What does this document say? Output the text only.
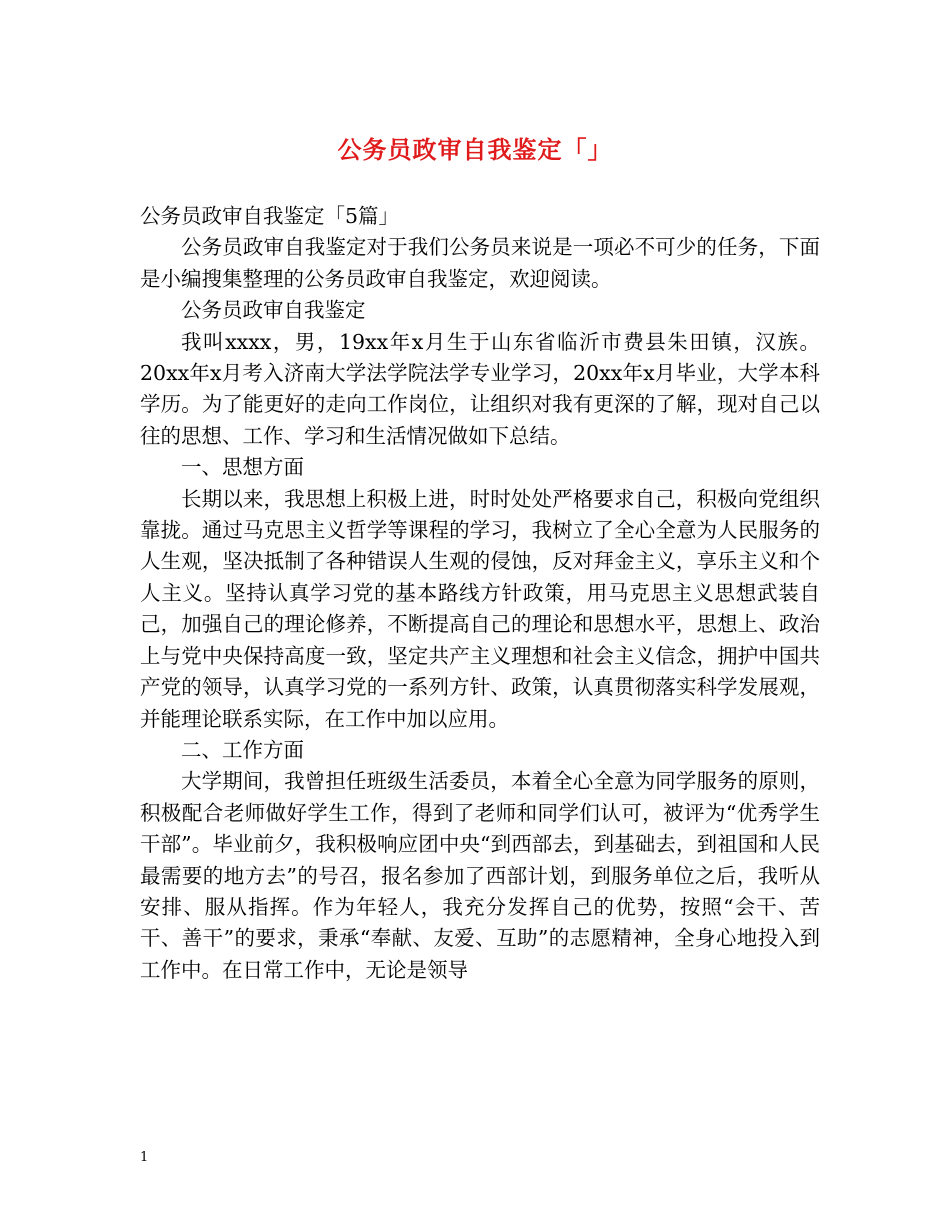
公务员政审自我鉴定「」

公务员政审自我鉴定「5篇」

公务员政审自我鉴定对于我们公务员来说是一项必不可少的任务，下面是小编搜集整理的公务员政审自我鉴定，欢迎阅读。

公务员政审自我鉴定

我叫xxxx，男，19xx年x月生于山东省临沂市费县朱田镇，汉族。20xx年x月考入济南大学法学院法学专业学习，20xx年x月毕业，大学本科学历。为了能更好的走向工作岗位，让组织对我有更深的了解，现对自己以往的思想、工作、学习和生活情况做如下总结。

一、思想方面

长期以来，我思想上积极上进，时时处处严格要求自己，积极向党组织靠拢。通过马克思主义哲学等课程的学习，我树立了全心全意为人民服务的人生观，坚决抵制了各种错误人生观的侵蚀，反对拜金主义，享乐主义和个人主义。坚持认真学习党的基本路线方针政策，用马克思主义思想武装自己，加强自己的理论修养，不断提高自己的理论和思想水平，思想上、政治上与党中央保持高度一致，坚定共产主义理想和社会主义信念，拥护中国共产党的领导，认真学习党的一系列方针、政策，认真贯彻落实科学发展观，并能理论联系实际，在工作中加以应用。

二、工作方面

大学期间，我曾担任班级生活委员，本着全心全意为同学服务的原则，积极配合老师做好学生工作，得到了老师和同学们认可，被评为“优秀学生干部”。毕业前夕，我积极响应团中央“到西部去，到基础去，到祖国和人民最需要的地方去”的号召，报名参加了西部计划，到服务单位之后，我听从安排、服从指挥。作为年轻人，我充分发挥自己的优势，按照“会干、苦干、善干”的要求，秉承“奉献、友爱、互助”的志愿精神，全身心地投入到工作中。在日常工作中，无论是领导

1
